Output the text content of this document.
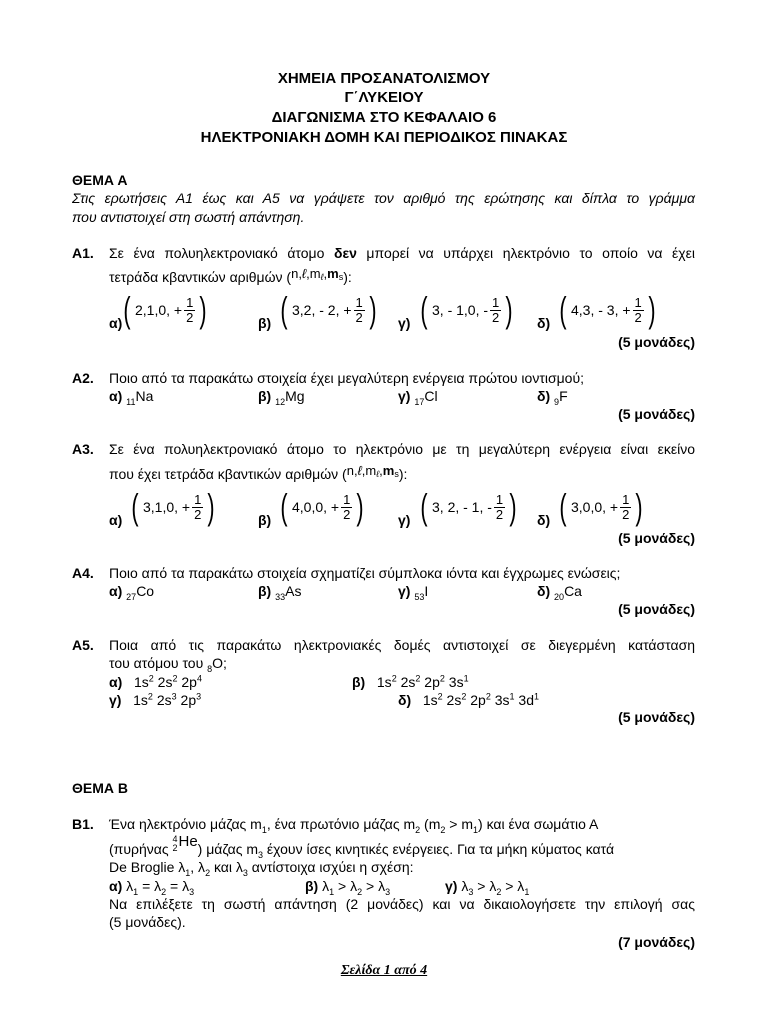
ΧΗΜΕΙΑ ΠΡΟΣΑΝΑΤΟΛΙΣΜΟΥ
Γ΄ΛΥΚΕΙΟΥ
ΔΙΑΓΩΝΙΣΜΑ ΣΤΟ ΚΕΦΑΛΑΙΟ 6
ΗΛΕΚΤΡΟΝΙΑΚΗ ΔΟΜΗ ΚΑΙ ΠΕΡΙΟΔΙΚΟΣ ΠΙΝΑΚΑΣ
ΘΕΜΑ Α
Στις ερωτήσεις Α1 έως και Α5 να γράψετε τον αριθμό της ερώτησης και δίπλα το γράμμα
που αντιστοιχεί στη σωστή απάντηση.
Α1. Σε ένα πολυηλεκτρονιακό άτομο δεν μπορεί να υπάρχει ηλεκτρόνιο το οποίο να έχει
τετράδα κβαντικών αριθμών (n,ℓ,mℓ,ms):
α) ( 2,1,0, + $\frac{1}{2}$ )	β) ( 3,2, - 2, + $\frac{1}{2}$ ) γ) ( 3, - 1,0, - $\frac{1}{2}$ ) δ) ( 4,3, - 3, + $\frac{1}{2}$ )
(5 μονάδες)
Α2. Ποιο από τα παρακάτω στοιχεία έχει μεγαλύτερη ενέργεια πρώτου ιοντισμού;
α) $_{11}$Na	β) $_{12}$Mg	γ) $_{17}$Cl	δ) $_9$F
(5 μονάδες)
Α3. Σε ένα πολυηλεκτρονιακό άτομο το ηλεκτρόνιο με τη μεγαλύτερη ενέργεια είναι εκείνο
που έχει τετράδα κβαντικών αριθμών (n,ℓ,mℓ,ms):
α) ( 3,1,0, + $\frac{1}{2}$ )	β) ( 4,0,0, + $\frac{1}{2}$ ) γ) ( 3, 2, - 1, - $\frac{1}{2}$ ) δ) ( 3,0,0, + $\frac{1}{2}$ )
(5 μονάδες)
Α4. Ποιο από τα παρακάτω στοιχεία σχηματίζει σύμπλοκα ιόντα και έγχρωμες ενώσεις;
α) $_{27}$Co	β) $_{33}$As	γ) $_{53}$I	δ) $_{20}$Ca
(5 μονάδες)
Α5. Ποια από τις παρακάτω ηλεκτρονιακές δομές αντιστοιχεί σε διεγερμένη κατάσταση
του ατόμου του $_8$O;
α) $1s^2$ $2s^2$ $2p^4$	β) $1s^2$ $2s^2$ $2p^2$ $3s^1$
γ) $1s^2$ $2s^3$ $2p^3$	δ) $1s^2$ $2s^2$ $2p^2$ $3s^1$ $3d^1$
(5 μονάδες)
ΘΕΜΑ Β
Β1. Ένα ηλεκτρόνιο μάζας $m_1$, ένα πρωτόνιο μάζας $m_2$ $(m_2 > m_1)$ και ένα σωμάτιο Α
(πυρήνας
4
2 He) μάζας $m_3$ έχουν ίσες κινητικές ενέργειες. Για τα μήκη κύματος κατά
De Broglie $\lambda_1$, $\lambda_2$ και $\lambda_3$ αντίστοιχα ισχύει η σχέση:
α) $\lambda_1 = \lambda_2 = \lambda_3$	β) $\lambda_1 > \lambda_2 > \lambda_3$	γ) $\lambda_3 > \lambda_2 > \lambda_1$
Να επιλέξετε τη σωστή απάντηση (2 μονάδες) και να δικαιολογήσετε την επιλογή σας
(5 μονάδες).
(7 μονάδες)
Σελίδα 1 από 4
